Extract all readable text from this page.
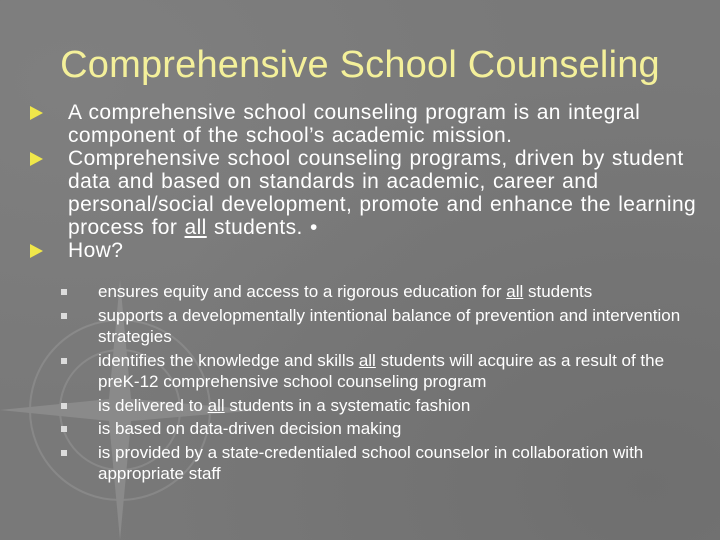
Comprehensive School Counseling
A comprehensive school counseling program is an integral component of the school’s academic mission.
Comprehensive school counseling programs, driven by student data and based on standards in academic, career and personal/social development, promote and enhance the learning process for all students. •
How?
ensures equity and access to a rigorous education for all students
supports a developmentally intentional balance of prevention and intervention strategies
identifies the knowledge and skills all students will acquire as a result of the preK-12 comprehensive school counseling program
is delivered to all students in a systematic fashion
is based on data-driven decision making
is provided by a state-credentialed school counselor in collaboration with appropriate staff
